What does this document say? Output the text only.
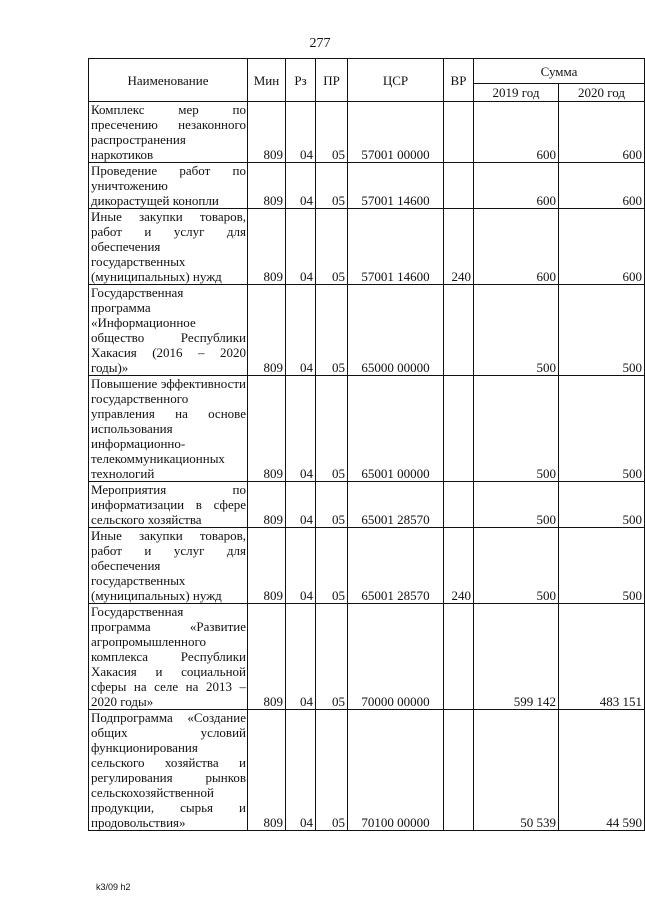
277
Наименование	Мин	Рз	ПР	ЦСР	ВР	Сумма	
						2019 год	2020 год
Комплекс мер по пресечению незаконного распространения наркотиков	809	04	05	57001 00000		600	600
Проведение работ по уничтожению дикорастущей конопли	809	04	05	57001 14600		600	600
Иные закупки товаров, работ и услуг для обеспечения государственных (муниципальных) нужд	809	04	05	57001 14600	240	600	600
Государственная программа «Информационное общество Республики Хакасия (2016 – 2020 годы)»	809	04	05	65000 00000		500	500
Повышение эффективности государственного управления на основе использования информационно-телекоммуникационных технологий	809	04	05	65001 00000		500	500
Мероприятия по информатизации в сфере сельского хозяйства	809	04	05	65001 28570		500	500
Иные закупки товаров, работ и услуг для обеспечения государственных (муниципальных) нужд	809	04	05	65001 28570	240	500	500
Государственная программа «Развитие агропромышленного комплекса Республики Хакасия и социальной сферы на селе на 2013 – 2020 годы»	809	04	05	70000 00000		599 142	483 151
Подпрограмма «Создание общих условий функционирования сельского хозяйства и регулирования рынков сельскохозяйственной продукции, сырья и продовольствия»	809	04	05	70100 00000		50 539	44 590
k3/09 h2
